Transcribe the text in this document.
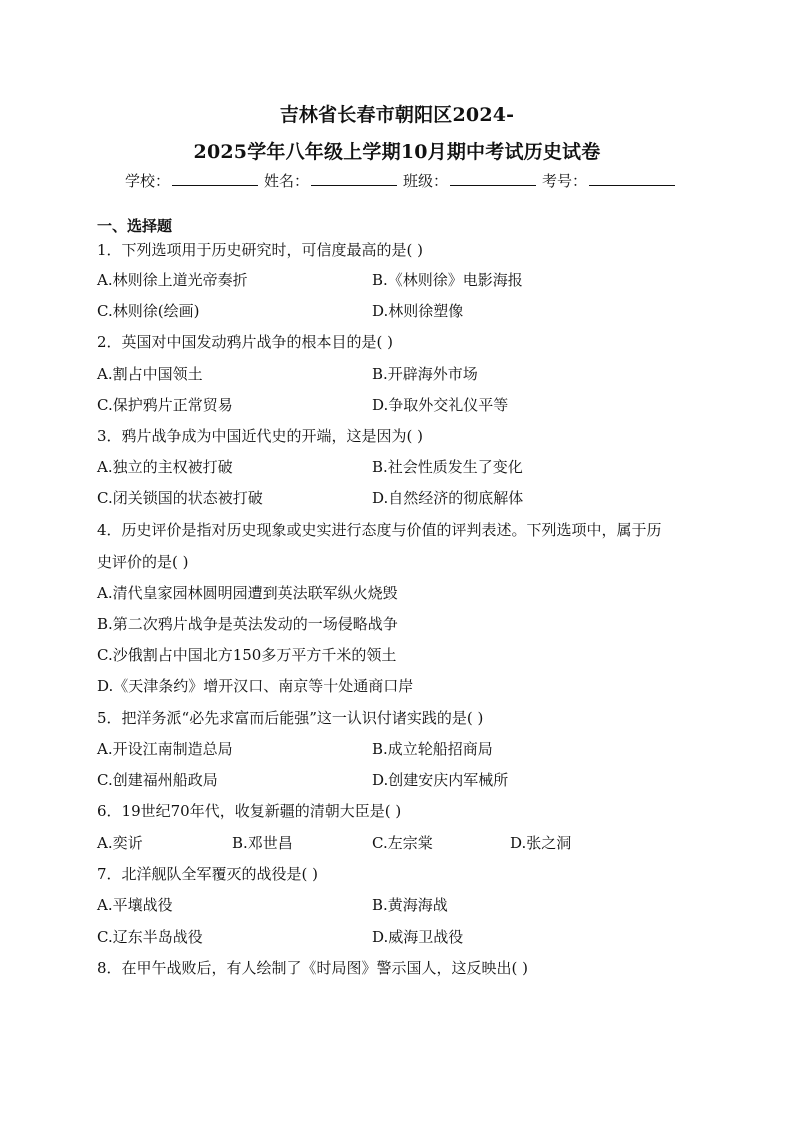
吉林省长春市朝阳区2024-
2025学年八年级上学期10月期中考试历史试卷
学校：	姓名：	班级：	考号：
一、选择题
1．下列选项用于历史研究时，可信度最高的是( )
A.林则徐上道光帝奏折	B.《林则徐》电影海报
C.林则徐(绘画)	D.林则徐塑像
2．英国对中国发动鸦片战争的根本目的是( )
A.割占中国领土	B.开辟海外市场
C.保护鸦片正常贸易	D.争取外交礼仪平等
3．鸦片战争成为中国近代史的开端，这是因为( )
A.独立的主权被打破	B.社会性质发生了变化
C.闭关锁国的状态被打破	D.自然经济的彻底解体
4．历史评价是指对历史现象或史实进行态度与价值的评判表述。下列选项中，属于历
史评价的是( )
A.清代皇家园林圆明园遭到英法联军纵火烧毁
B.第二次鸦片战争是英法发动的一场侵略战争
C.沙俄割占中国北方150多万平方千米的领土
D.《天津条约》增开汉口、南京等十处通商口岸
5．把洋务派“必先求富而后能强”这一认识付诸实践的是( )
A.开设江南制造总局	B.成立轮船招商局
C.创建福州船政局	D.创建安庆内军械所
6．19世纪70年代，收复新疆的清朝大臣是( )
A.奕䜣	B.邓世昌	C.左宗棠	D.张之洞
7．北洋舰队全军覆灭的战役是( )
A.平壤战役	B.黄海海战
C.辽东半岛战役	D.威海卫战役
8．在甲午战败后，有人绘制了《时局图》警示国人，这反映出( )
